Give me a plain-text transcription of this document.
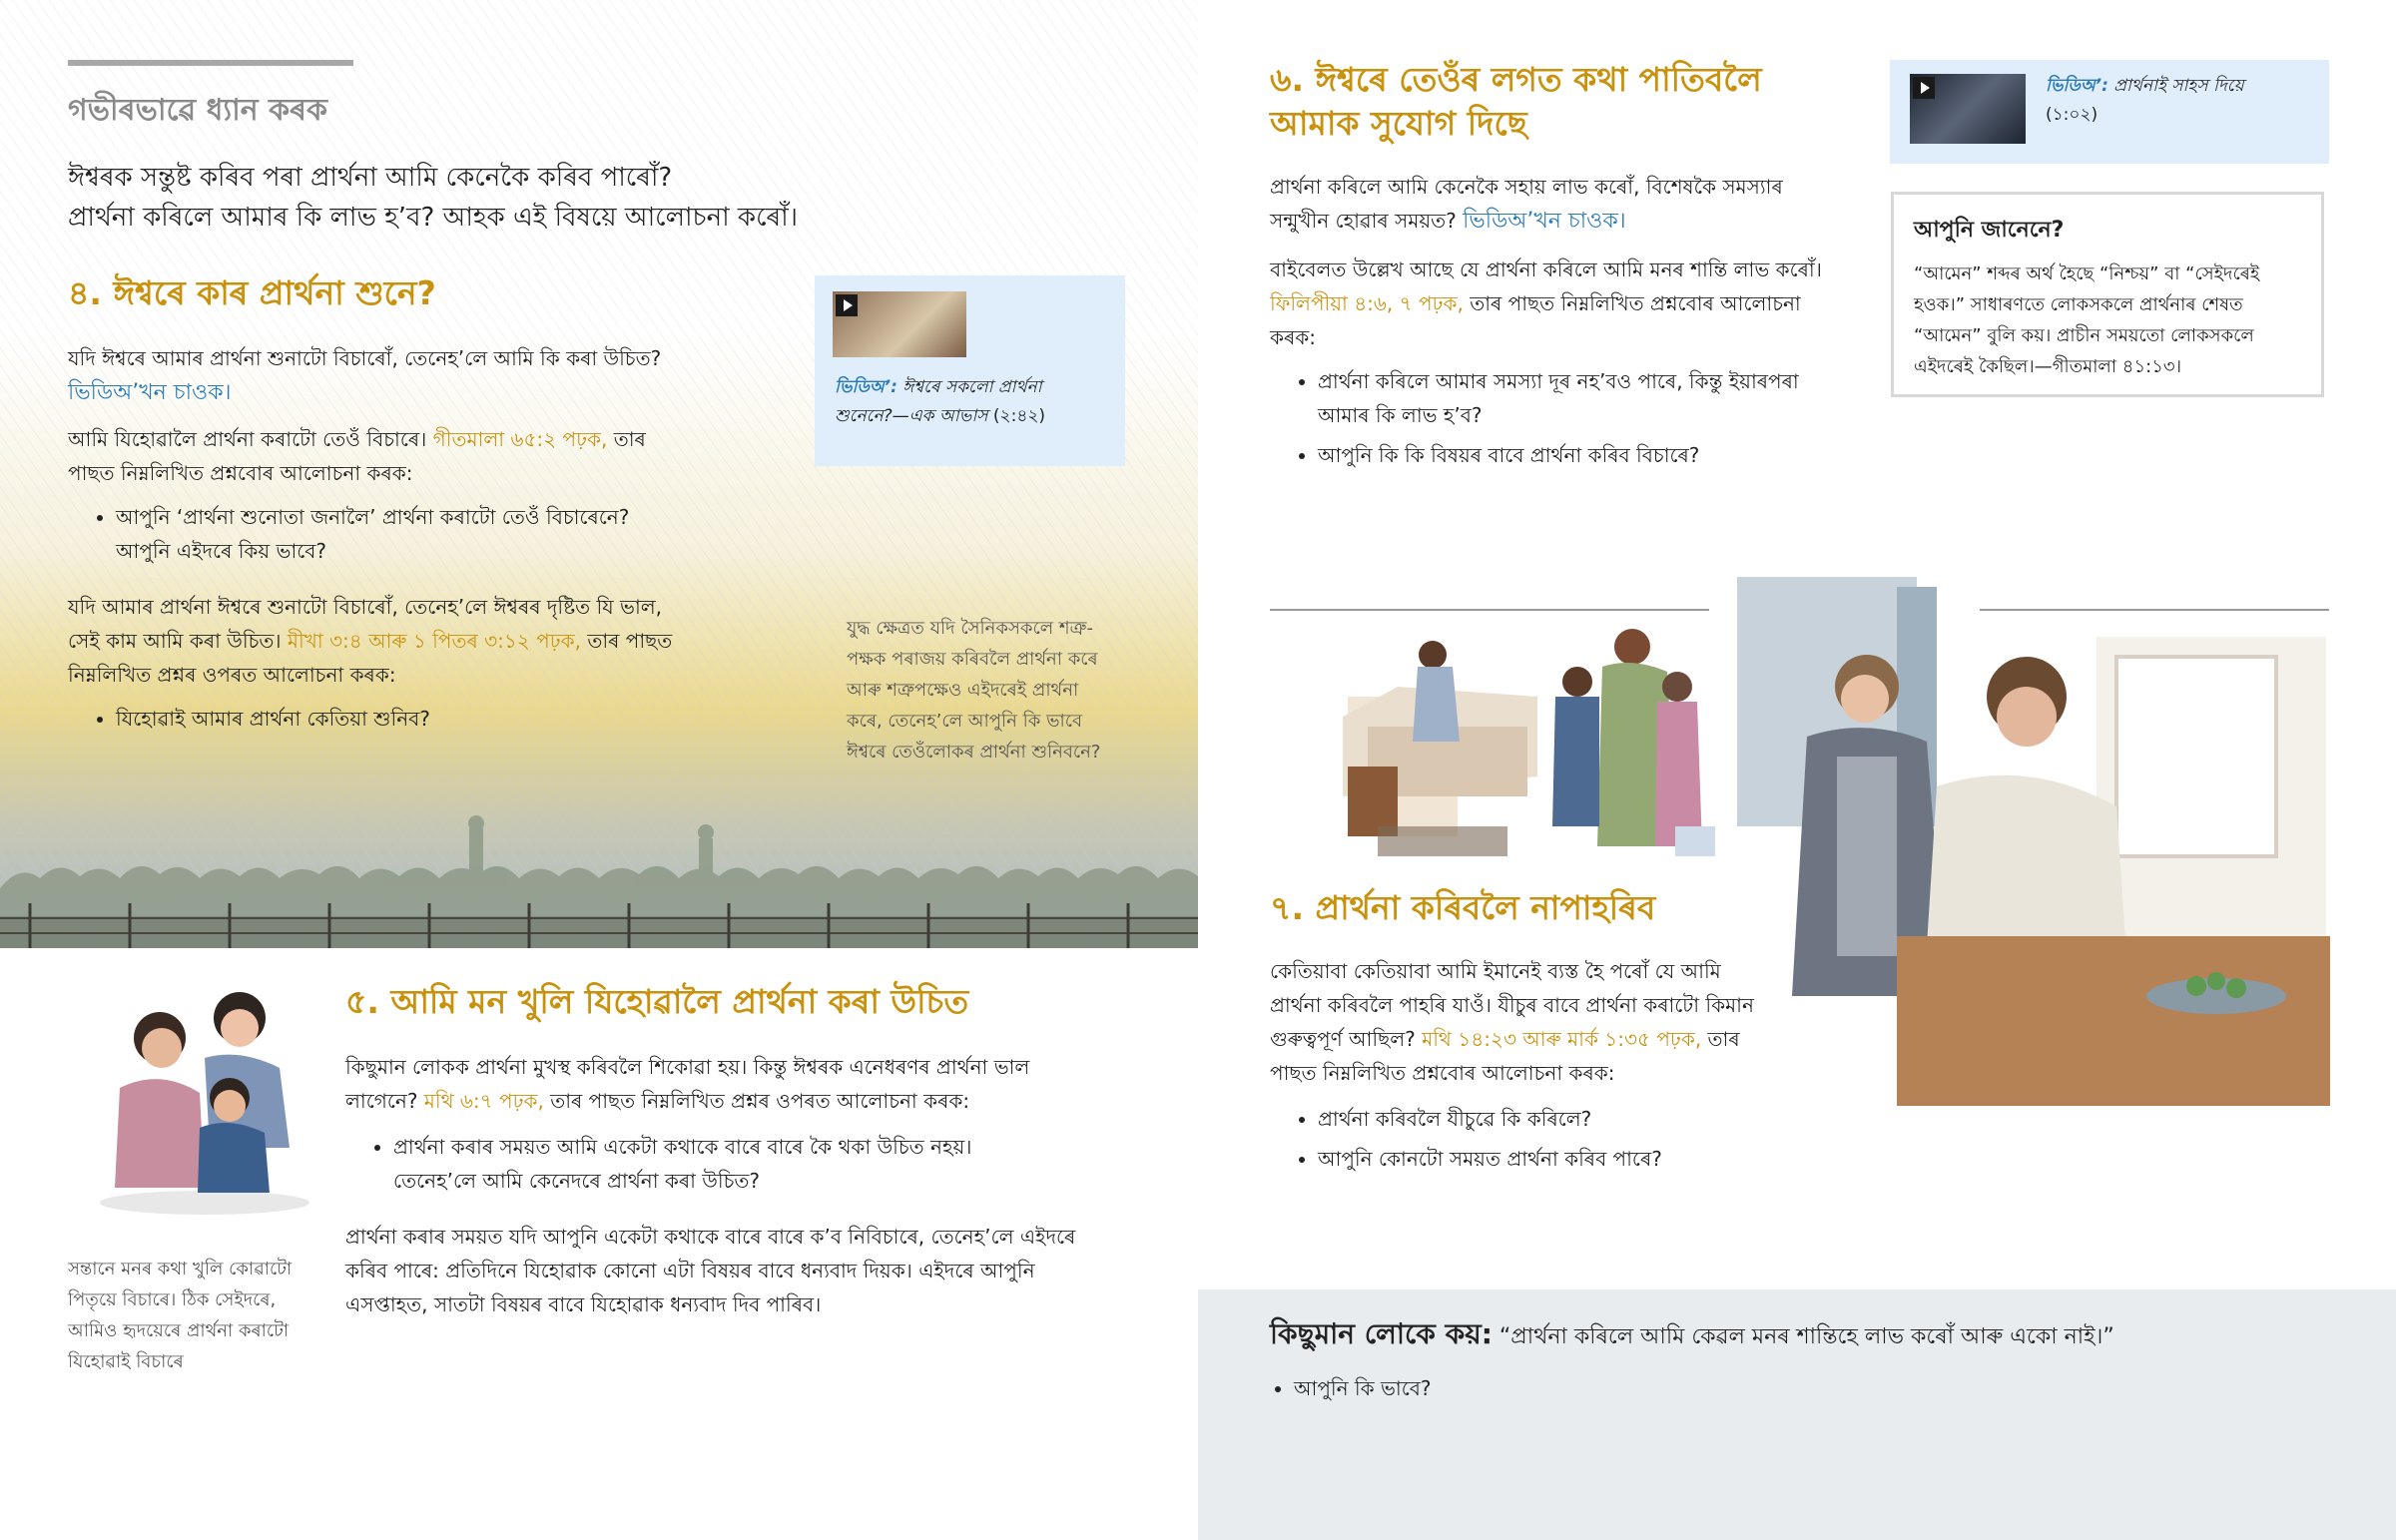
গভীৰভাৱে ধ্যান কৰক
ঈশ্বৰক সন্তুষ্ট কৰিব পৰা প্ৰাৰ্থনা আমি কেনেকৈ কৰিব পাৰোঁ?
প্ৰাৰ্থনা কৰিলে আমাৰ কি লাভ হ’ব? আহক এই বিষয়ে আলোচনা কৰোঁ।
৪. ঈশ্বৰে কাৰ প্ৰাৰ্থনা শুনে?

যদি ঈশ্বৰে আমাৰ প্ৰাৰ্থনা শুনাটো বিচাৰোঁ, তেনেহ’লে আমি কি কৰা উচিত?
ভিডিঅ’খন চাওক।

আমি যিহোৱালৈ প্ৰাৰ্থনা কৰাটো তেওঁ বিচাৰে। গীতমালা ৬৫:২ পঢ়ক, তাৰ
পাছত নিম্নলিখিত প্ৰশ্নবোৰ আলোচনা কৰক:

• আপুনি ‘প্ৰাৰ্থনা শুনোতা জনালৈ’ প্ৰাৰ্থনা কৰাটো তেওঁ বিচাৰেনে?
আপুনি এইদৰে কিয় ভাবে?

যদি আমাৰ প্ৰাৰ্থনা ঈশ্বৰে শুনাটো বিচাৰোঁ, তেনেহ’লে ঈশ্বৰৰ দৃষ্টিত যি ভাল,
সেই কাম আমি কৰা উচিত। মীখা ৩:৪ আৰু ১ পিতৰ ৩:১২ পঢ়ক, তাৰ পাছত
নিম্নলিখিত প্ৰশ্নৰ ওপৰত আলোচনা কৰক:

• যিহোৱাই আমাৰ প্ৰাৰ্থনা কেতিয়া শুনিব?
ভিডিঅ’: ঈশ্বৰে সকলো প্ৰাৰ্থনা
শুনেনে?—এক আভাস (২:৪২)
যুদ্ধ ক্ষেত্ৰত যদি সৈনিকসকলে শত্ৰু-
পক্ষক পৰাজয় কৰিবলৈ প্ৰাৰ্থনা কৰে
আৰু শত্ৰুপক্ষেও এইদৰেই প্ৰাৰ্থনা
কৰে, তেনেহ’লে আপুনি কি ভাবে
ঈশ্বৰে তেওঁলোকৰ প্ৰাৰ্থনা শুনিবনে?
সন্তানে মনৰ কথা খুলি কোৱাটো
পিতৃয়ে বিচাৰে। ঠিক সেইদৰে,
আমিও হৃদয়েৰে প্ৰাৰ্থনা কৰাটো
যিহোৱাই বিচাৰে
৫. আমি মন খুলি যিহোৱালৈ প্ৰাৰ্থনা কৰা উচিত

কিছুমান লোকক প্ৰাৰ্থনা মুখস্থ কৰিবলৈ শিকোৱা হয়। কিন্তু ঈশ্বৰক এনেধৰণৰ প্ৰাৰ্থনা ভাল
লাগেনে? মথি ৬:৭ পঢ়ক, তাৰ পাছত নিম্নলিখিত প্ৰশ্নৰ ওপৰত আলোচনা কৰক:

• প্ৰাৰ্থনা কৰাৰ সময়ত আমি একেটা কথাকে বাৰে বাৰে কৈ থকা উচিত নহয়।
তেনেহ’লে আমি কেনেদৰে প্ৰাৰ্থনা কৰা উচিত?

প্ৰাৰ্থনা কৰাৰ সময়ত যদি আপুনি একেটা কথাকে বাৰে বাৰে ক’ব নিবিচাৰে, তেনেহ’লে এইদৰে
কৰিব পাৰে: প্ৰতিদিনে যিহোৱাক কোনো এটা বিষয়ৰ বাবে ধন্যবাদ দিয়ক। এইদৰে আপুনি
এসপ্তাহত, সাতটা বিষয়ৰ বাবে যিহোৱাক ধন্যবাদ দিব পাৰিব।

৬. ঈশ্বৰে তেওঁৰ লগত কথা পাতিবলৈ
আমাক সুযোগ দিছে

প্ৰাৰ্থনা কৰিলে আমি কেনেকৈ সহায় লাভ কৰোঁ, বিশেষকৈ সমস্যাৰ
সন্মুখীন হোৱাৰ সময়ত? ভিডিঅ’খন চাওক।

বাইবেলত উল্লেখ আছে যে প্ৰাৰ্থনা কৰিলে আমি মনৰ শান্তি লাভ কৰোঁ।
ফিলিপীয়া ৪:৬, ৭ পঢ়ক, তাৰ পাছত নিম্নলিখিত প্ৰশ্নবোৰ আলোচনা
কৰক:

• প্ৰাৰ্থনা কৰিলে আমাৰ সমস্যা দূৰ নহ’বও পাৰে, কিন্তু ইয়াৰপৰা
আমাৰ কি লাভ হ’ব?
• আপুনি কি কি বিষয়ৰ বাবে প্ৰাৰ্থনা কৰিব বিচাৰে?
ভিডিঅ’: প্ৰাৰ্থনাই সাহস দিয়ে
(১:০২)
আপুনি জানেনে?
“আমেন” শব্দৰ অৰ্থ হৈছে “নিশ্চয়” বা “সেইদৰেই
হওক।” সাধাৰণতে লোকসকলে প্ৰাৰ্থনাৰ শেষত
“আমেন” বুলি কয়। প্ৰাচীন সময়তো লোকসকলে
এইদৰেই কৈছিল।—গীতমালা ৪১:১৩।
৭. প্ৰাৰ্থনা কৰিবলৈ নাপাহৰিব

কেতিয়াবা কেতিয়াবা আমি ইমানেই ব্যস্ত হৈ পৰোঁ যে আমি
প্ৰাৰ্থনা কৰিবলৈ পাহৰি যাওঁ। যীচুৰ বাবে প্ৰাৰ্থনা কৰাটো কিমান
গুৰুত্বপূৰ্ণ আছিল? মথি ১৪:২৩ আৰু মাৰ্ক ১:৩৫ পঢ়ক, তাৰ
পাছত নিম্নলিখিত প্ৰশ্নবোৰ আলোচনা কৰক:

• প্ৰাৰ্থনা কৰিবলৈ যীচুৱে কি কৰিলে?
• আপুনি কোনটো সময়ত প্ৰাৰ্থনা কৰিব পাৰে?
কিছুমান লোকে কয়: “প্ৰাৰ্থনা কৰিলে আমি কেৱল মনৰ শান্তিহে লাভ কৰোঁ আৰু একো নাই।”
• আপুনি কি ভাবে?
